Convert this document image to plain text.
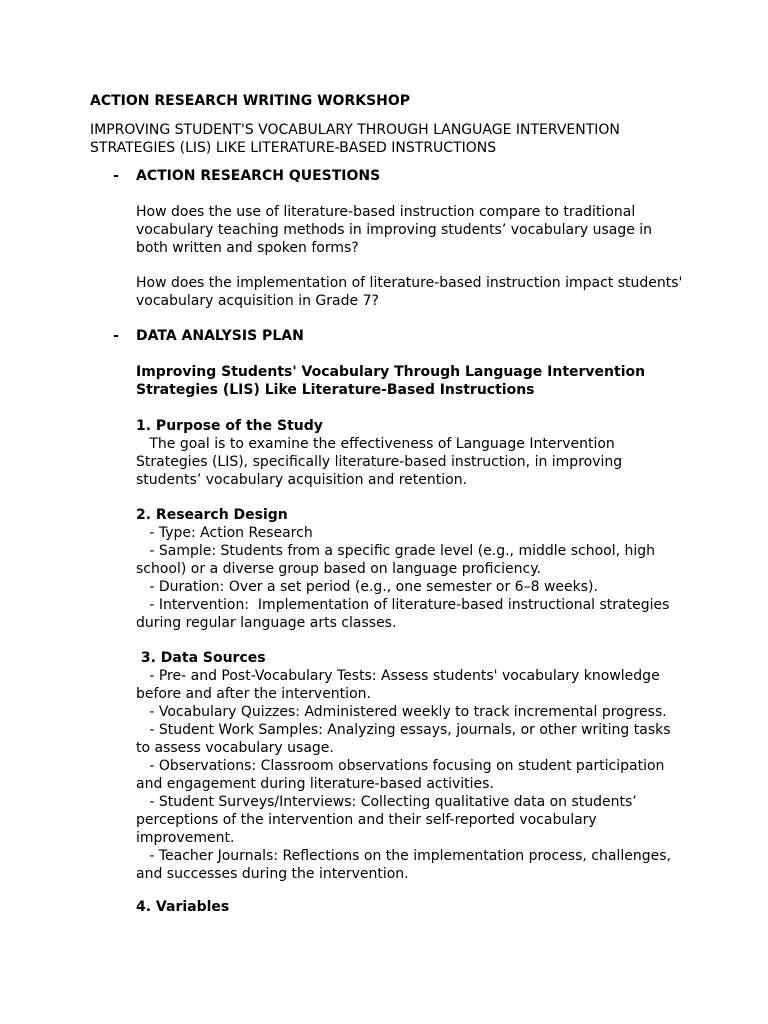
ACTION RESEARCH WRITING WORKSHOP

IMPROVING STUDENT'S VOCABULARY THROUGH LANGUAGE INTERVENTION
STRATEGIES (LIS) LIKE LITERATURE-BASED INSTRUCTIONS

- ACTION RESEARCH QUESTIONS

How does the use of literature-based instruction compare to traditional
vocabulary teaching methods in improving students’ vocabulary usage in
both written and spoken forms?

How does the implementation of literature-based instruction impact students'
vocabulary acquisition in Grade 7?

- DATA ANALYSIS PLAN

Improving Students' Vocabulary Through Language Intervention
Strategies (LIS) Like Literature-Based Instructions

1. Purpose of the Study

The goal is to examine the effectiveness of Language Intervention
Strategies (LIS), specifically literature-based instruction, in improving
students’ vocabulary acquisition and retention.

2. Research Design

- Type: Action Research
- Sample: Students from a specific grade level (e.g., middle school, high
school) or a diverse group based on language proficiency.
- Duration: Over a set period (e.g., one semester or 6–8 weeks).
- Intervention:  Implementation of literature-based instructional strategies
during regular language arts classes.

3. Data Sources

- Pre- and Post-Vocabulary Tests: Assess students' vocabulary knowledge
before and after the intervention.
- Vocabulary Quizzes: Administered weekly to track incremental progress.
- Student Work Samples: Analyzing essays, journals, or other writing tasks
to assess vocabulary usage.
- Observations: Classroom observations focusing on student participation
and engagement during literature-based activities.
- Student Surveys/Interviews: Collecting qualitative data on students’
perceptions of the intervention and their self-reported vocabulary
improvement.
- Teacher Journals: Reflections on the implementation process, challenges,
and successes during the intervention.

4. Variables
